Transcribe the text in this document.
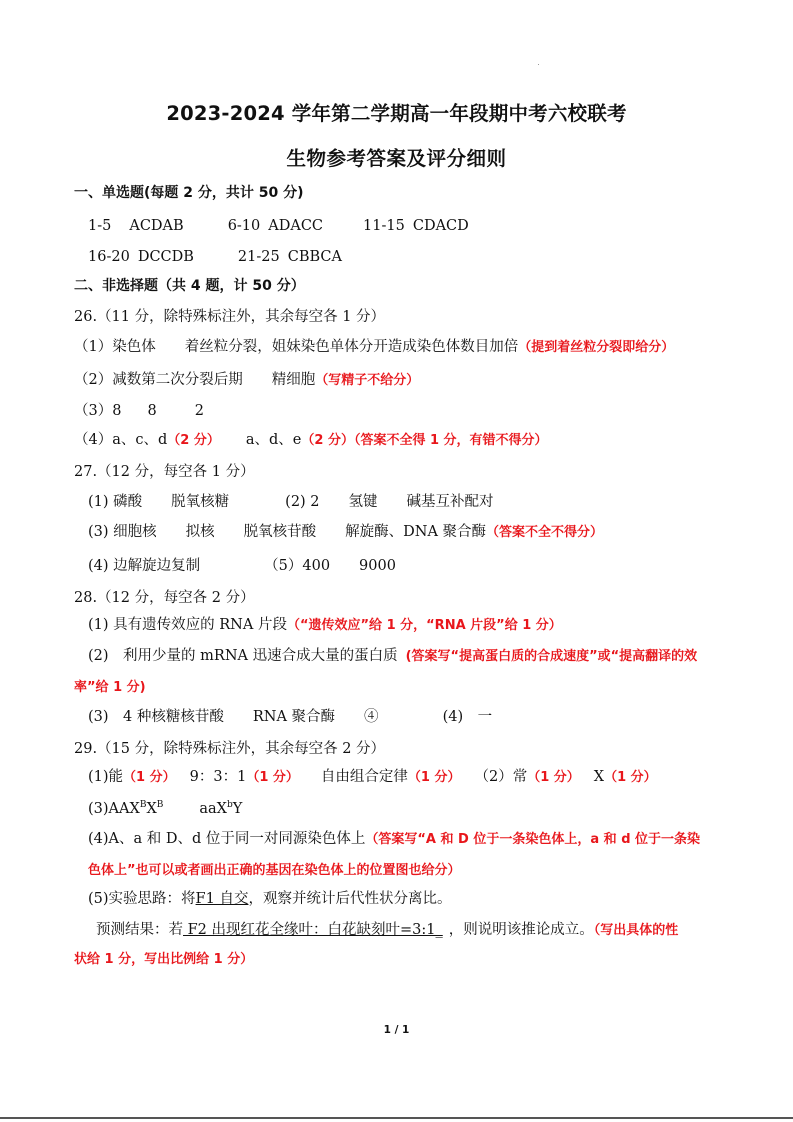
2023-2024 学年第二学期高一年段期中考六校联考
生物参考答案及评分细则
一、单选题(每题 2 分，共计 50 分)
1-5 ACDAB	6-10 ADACC	11-15 CDACD
16-20 DCCDB	21-25 CBBCA
二、非选择题（共 4 题，计 50 分）
26.（11 分，除特殊标注外，其余每空各 1 分）
（1）染色体　　着丝粒分裂，姐妹染色单体分开造成染色体数目加倍（提到着丝粒分裂即给分）
（2）减数第二次分裂后期　　精细胞（写精子不给分）
（3）8 8	2
（4）a、c、d（2 分） a、d、e（2 分）（答案不全得 1 分，有错不得分）
27.（12 分，每空各 1 分）
(1) 磷酸　　脱氧核糖	(2) 2　　氢键　　碱基互补配对
(3) 细胞核　　拟核　　脱氧核苷酸　　解旋酶、DNA 聚合酶（答案不全不得分）
(4) 边解旋边复制	（5）400　　9000
28.（12 分，每空各 2 分）
(1) 具有遗传效应的 RNA 片段（“遗传效应”给 1 分，“RNA 片段”给 1 分）
(2)　利用少量的 mRNA 迅速合成大量的蛋白质 (答案写“提高蛋白质的合成速度”或“提高翻译的效
率”给 1 分)
(3)　4 种核糖核苷酸　　RNA 聚合酶　　④	(4)　一
29.（15 分，除特殊标注外，其余每空各 2 分）
(1)能（1 分） 9：3：1（1 分） 自由组合定律（1 分） （2）常（1 分） X（1 分）
$(3)AAX^BX^B$ aaX$^b$Y
(4)A、a 和 D、d 位于同一对同源染色体上（答案写“A 和 D 位于一条染色体上，a 和 d 位于一条染
色体上”也可以或者画出正确的基因在染色体上的位置图也给分）
(5)实验思路：将F1 自交，观察并统计后代性状分离比。
预测结果：若 F2 出现红花全缘叶：白花缺刻叶=3:1_ ，则说明该推论成立。（写出具体的性
状给 1 分，写出比例给 1 分）
1 / 1
